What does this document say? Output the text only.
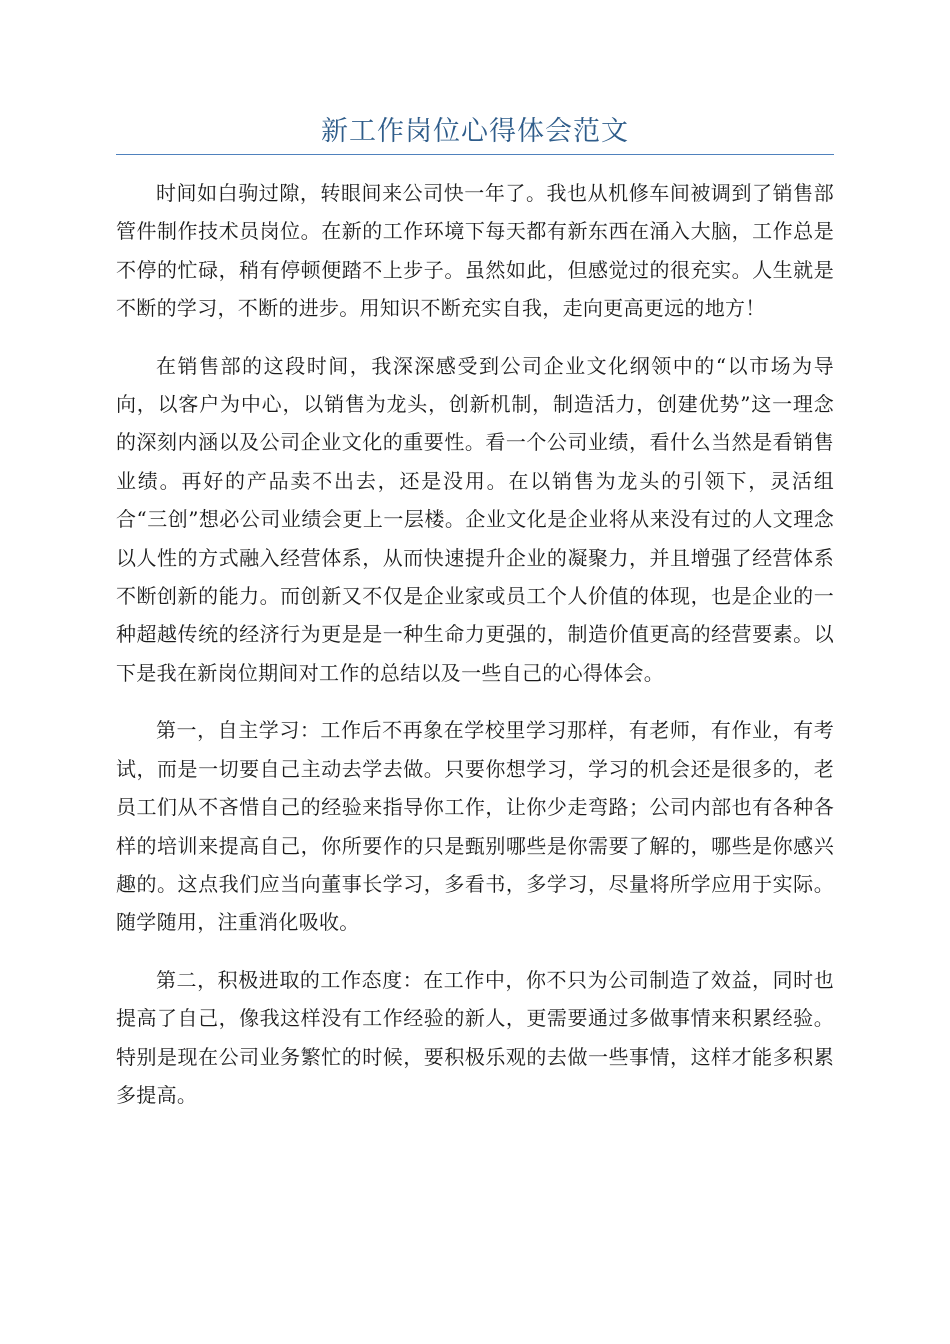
新工作岗位心得体会范文

时间如白驹过隙，转眼间来公司快一年了。我也从机修车间被调到了销售部管件制作技术员岗位。在新的工作环境下每天都有新东西在涌入大脑，工作总是不停的忙碌，稍有停顿便踏不上步子。虽然如此，但感觉过的很充实。人生就是不断的学习，不断的进步。用知识不断充实自我，走向更高更远的地方！

在销售部的这段时间，我深深感受到公司企业文化纲领中的“以市场为导向，以客户为中心，以销售为龙头，创新机制，制造活力，创建优势”这一理念的深刻内涵以及公司企业文化的重要性。看一个公司业绩，看什么当然是看销售业绩。再好的产品卖不出去，还是没用。在以销售为龙头的引领下，灵活组合“三创”想必公司业绩会更上一层楼。企业文化是企业将从来没有过的人文理念以人性的方式融入经营体系，从而快速提升企业的凝聚力，并且增强了经营体系不断创新的能力。而创新又不仅是企业家或员工个人价值的体现，也是企业的一种超越传统的经济行为更是是一种生命力更强的，制造价值更高的经营要素。以下是我在新岗位期间对工作的总结以及一些自己的心得体会。

第一，自主学习：工作后不再象在学校里学习那样，有老师，有作业，有考试，而是一切要自己主动去学去做。只要你想学习，学习的机会还是很多的，老员工们从不吝惜自己的经验来指导你工作，让你少走弯路；公司内部也有各种各样的培训来提高自己，你所要作的只是甄别哪些是你需要了解的，哪些是你感兴趣的。这点我们应当向董事长学习，多看书，多学习，尽量将所学应用于实际。随学随用，注重消化吸收。

第二，积极进取的工作态度：在工作中，你不只为公司制造了效益，同时也提高了自己，像我这样没有工作经验的新人，更需要通过多做事情来积累经验。特别是现在公司业务繁忙的时候，要积极乐观的去做一些事情，这样才能多积累多提高。
